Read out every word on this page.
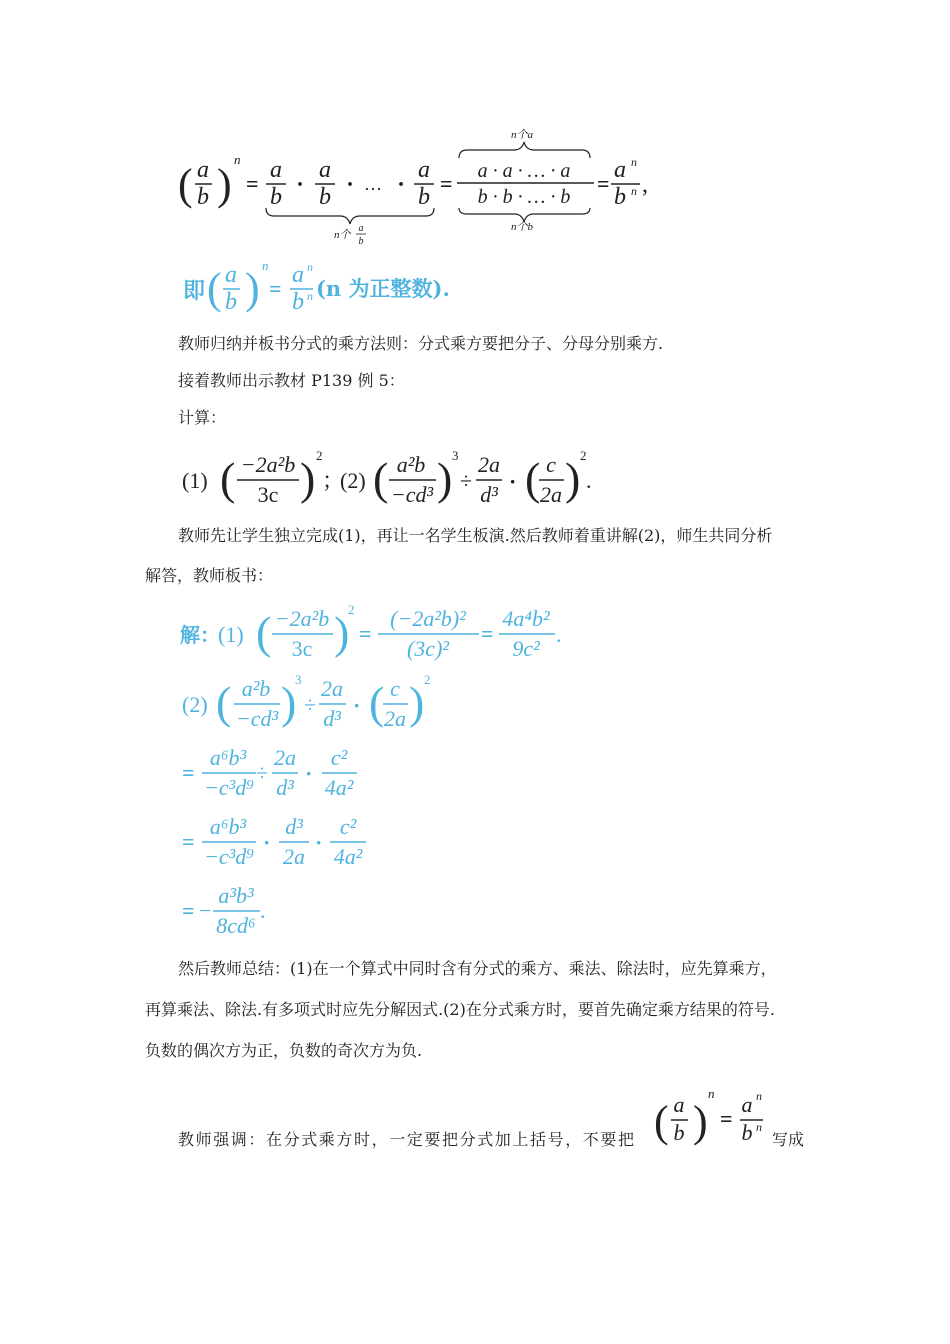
( a
b )
n
=
a
b ·
a
b · … ·
a
b
n个
a
b
=
n个a
a · a · … · a
b · b · … · b
n个b
=
a n
b n ,
即 ( a
b ) n
=
a n
b n (n 为正整数).
教师归纳并板书分式的乘方法则：分式乘方要把分子、分母分别乘方.
接着教师出示教材 P139 例 5：
计算：
(1) ( −2a²b
3c ) 2
；
(2) ( a²b
−cd³ ) 3
÷
2a
d³
· ( c
2a ) 2
.
教师先让学生独立完成(1)，再让一名学生板演.然后教师着重讲解(2)，师生共同分析
解答，教师板书：
解：
(1) ( −2a²b
3c )
2
=
(−2a²b)²
(3c)²
=
4a⁴b²
9c²
.
(2) ( a²b
−cd³ )
3
÷
2a
d³
· ( c
2a ) 2
=
a⁶b³
−c³d⁹
÷
2a
d³
·
c²
4a²
=
a⁶b³
−c³d⁹
·
d³
2a
·
c²
4a²
= −
a³b³
8cd⁶
.
然后教师总结：(1)在一个算式中同时含有分式的乘方、乘法、除法时，应先算乘方，
再算乘法、除法.有多项式时应先分解因式.(2)在分式乘方时，要首先确定乘方结果的符号.
负数的偶次方为正，负数的奇次方为负.
教师强调：在分式乘方时，一定要把分式加上括号，不要把 ( a
b )
n
=
a n
b n
写成
